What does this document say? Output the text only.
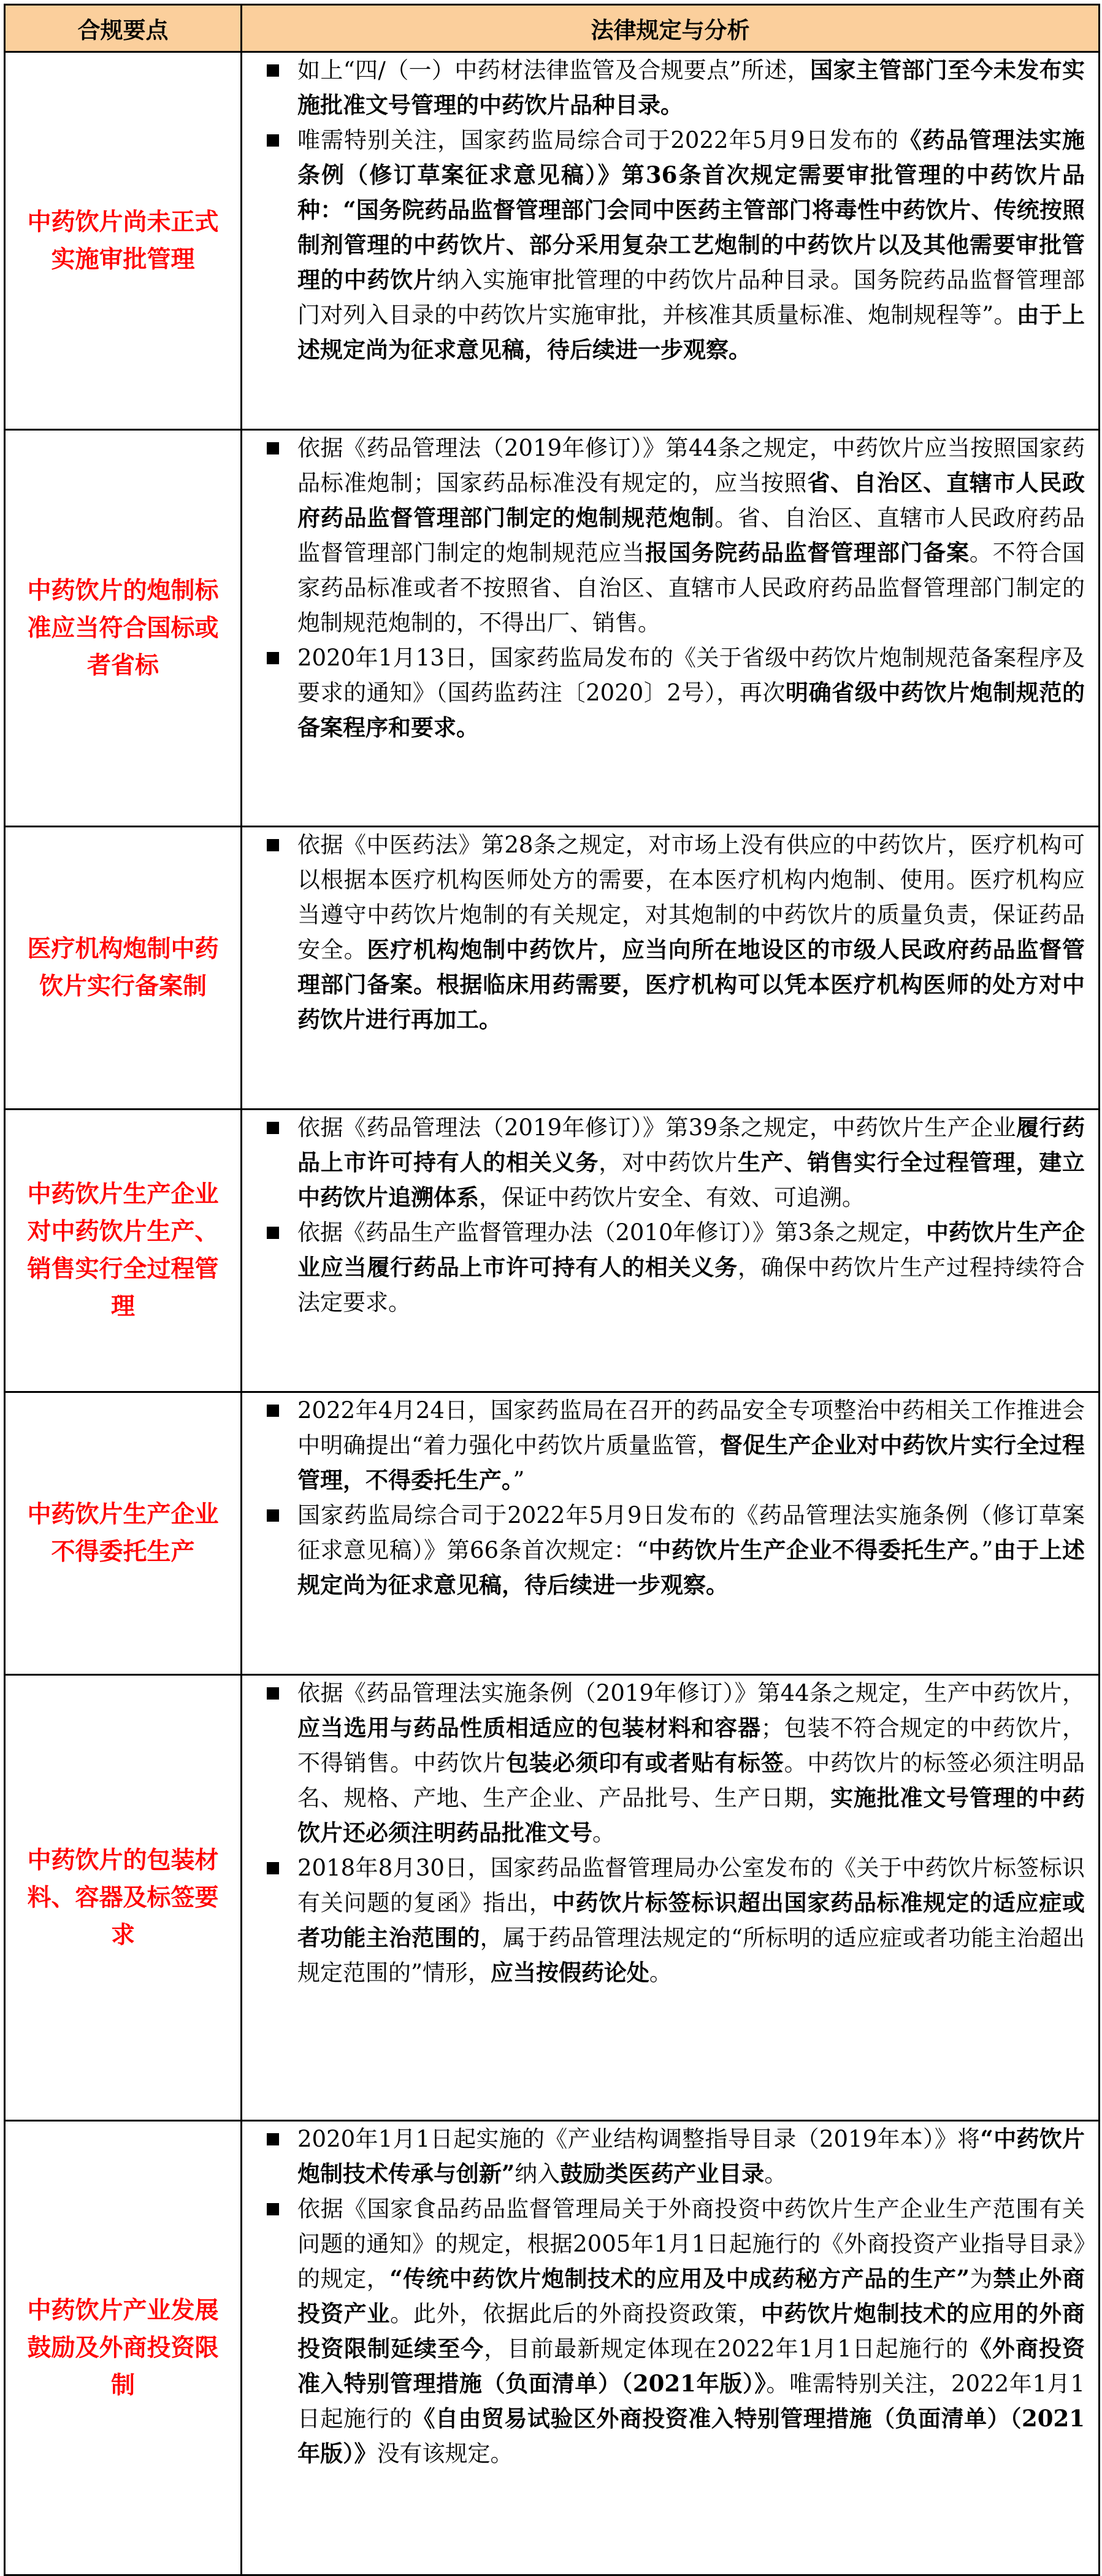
合规要点	法律规定与分析
中药饮片尚未正式实施审批管理	如上“四/（一）中药材法律监管及合规要点”所述，国家主管部门至今未发布实施批准文号管理的中药饮片品种目录。
唯需特别关注，国家药监局综合司于2022年5月9日发布的《药品管理法实施条例（修订草案征求意见稿）》第36条首次规定需要审批管理的中药饮片品种：“国务院药品监督管理部门会同中医药主管部门将毒性中药饮片、传统按照制剂管理的中药饮片、部分采用复杂工艺炮制的中药饮片以及其他需要审批管理的中药饮片纳入实施审批管理的中药饮片品种目录。国务院药品监督管理部门对列入目录的中药饮片实施审批，并核准其质量标准、炮制规程等”。由于上述规定尚为征求意见稿，待后续进一步观察。

中药饮片的炮制标准应当符合国标或者省标	依据《药品管理法（2019年修订）》第44条之规定，中药饮片应当按照国家药品标准炮制；国家药品标准没有规定的，应当按照省、自治区、直辖市人民政府药品监督管理部门制定的炮制规范炮制。省、自治区、直辖市人民政府药品监督管理部门制定的炮制规范应当报国务院药品监督管理部门备案。不符合国家药品标准或者不按照省、自治区、直辖市人民政府药品监督管理部门制定的炮制规范炮制的，不得出厂、销售。
2020年1月13日，国家药监局发布的《关于省级中药饮片炮制规范备案程序及要求的通知》（国药监药注〔2020〕2号），再次明确省级中药饮片炮制规范的备案程序和要求。

医疗机构炮制中药饮片实行备案制	依据《中医药法》第28条之规定，对市场上没有供应的中药饮片，医疗机构可以根据本医疗机构医师处方的需要，在本医疗机构内炮制、使用。医疗机构应当遵守中药饮片炮制的有关规定，对其炮制的中药饮片的质量负责，保证药品安全。医疗机构炮制中药饮片，应当向所在地设区的市级人民政府药品监督管理部门备案。根据临床用药需要，医疗机构可以凭本医疗机构医师的处方对中药饮片进行再加工。

中药饮片生产企业对中药饮片生产、销售实行全过程管理	依据《药品管理法（2019年修订）》第39条之规定，中药饮片生产企业履行药品上市许可持有人的相关义务，对中药饮片生产、销售实行全过程管理，建立中药饮片追溯体系，保证中药饮片安全、有效、可追溯。
依据《药品生产监督管理办法（2010年修订）》第3条之规定，中药饮片生产企业应当履行药品上市许可持有人的相关义务，确保中药饮片生产过程持续符合法定要求。

中药饮片生产企业不得委托生产	2022年4月24日，国家药监局在召开的药品安全专项整治中药相关工作推进会中明确提出“着力强化中药饮片质量监管，督促生产企业对中药饮片实行全过程管理，不得委托生产。”
国家药监局综合司于2022年5月9日发布的《药品管理法实施条例（修订草案征求意见稿）》第66条首次规定：“中药饮片生产企业不得委托生产。”由于上述规定尚为征求意见稿，待后续进一步观察。

中药饮片的包装材料、容器及标签要求	依据《药品管理法实施条例（2019年修订）》第44条之规定，生产中药饮片，应当选用与药品性质相适应的包装材料和容器；包装不符合规定的中药饮片，不得销售。中药饮片包装必须印有或者贴有标签。中药饮片的标签必须注明品名、规格、产地、生产企业、产品批号、生产日期，实施批准文号管理的中药饮片还必须注明药品批准文号。
2018年8月30日，国家药品监督管理局办公室发布的《关于中药饮片标签标识有关问题的复函》指出，中药饮片标签标识超出国家药品标准规定的适应症或者功能主治范围的，属于药品管理法规定的“所标明的适应症或者功能主治超出规定范围的”情形，应当按假药论处。

中药饮片产业发展鼓励及外商投资限制	2020年1月1日起实施的《产业结构调整指导目录（2019年本）》将“中药饮片炮制技术传承与创新”纳入鼓励类医药产业目录。
依据《国家食品药品监督管理局关于外商投资中药饮片生产企业生产范围有关问题的通知》的规定，根据2005年1月1日起施行的《外商投资产业指导目录》的规定，“传统中药饮片炮制技术的应用及中成药秘方产品的生产”为禁止外商投资产业。此外，依据此后的外商投资政策，中药饮片炮制技术的应用的外商投资限制延续至今，目前最新规定体现在2022年1月1日起施行的《外商投资准入特别管理措施（负面清单）（2021年版）》。唯需特别关注，2022年1月1日起施行的《自由贸易试验区外商投资准入特别管理措施（负面清单）（2021年版）》没有该规定。
